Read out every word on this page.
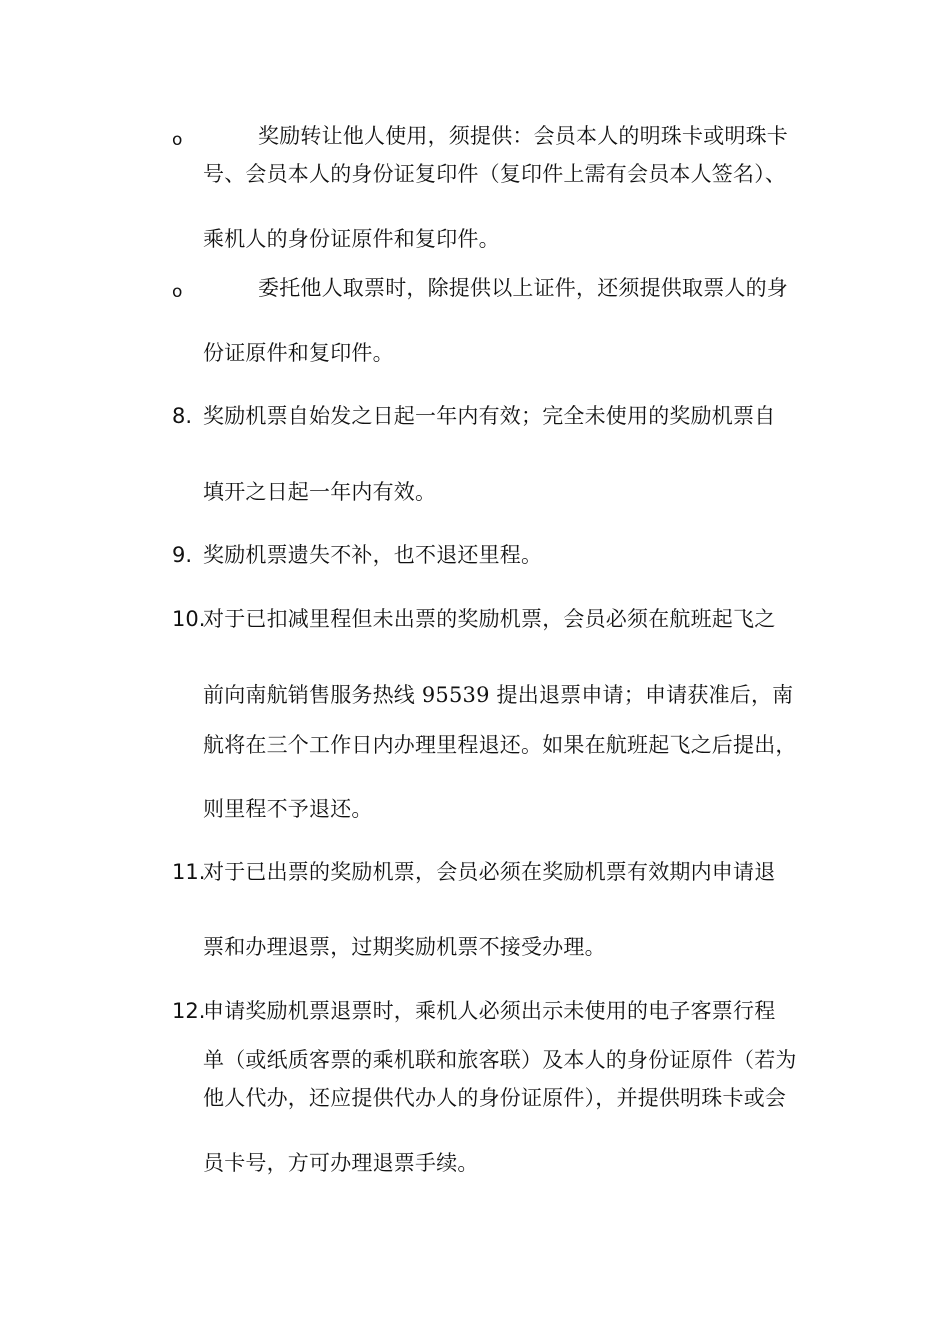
o	奖励转让他人使用，须提供：会员本人的明珠卡或明珠卡
号、会员本人的身份证复印件（复印件上需有会员本人签名）、
乘机人的身份证原件和复印件。
o	委托他人取票时，除提供以上证件，还须提供取票人的身
份证原件和复印件。
8. 奖励机票自始发之日起一年内有效；完全未使用的奖励机票自
填开之日起一年内有效。
9. 奖励机票遗失不补，也不退还里程。
10.
对于已扣减里程但未出票的奖励机票，会员必须在航班起飞之
前向南航销售服务热线 95539 提出退票申请；申请获准后，南
航将在三个工作日内办理里程退还。如果在航班起飞之后提出，
则里程不予退还。
11.
对于已出票的奖励机票，会员必须在奖励机票有效期内申请退
票和办理退票，过期奖励机票不接受办理。
12.
申请奖励机票退票时，乘机人必须出示未使用的电子客票行程
单（或纸质客票的乘机联和旅客联）及本人的身份证原件（若为
他人代办，还应提供代办人的身份证原件），并提供明珠卡或会
员卡号，方可办理退票手续。
